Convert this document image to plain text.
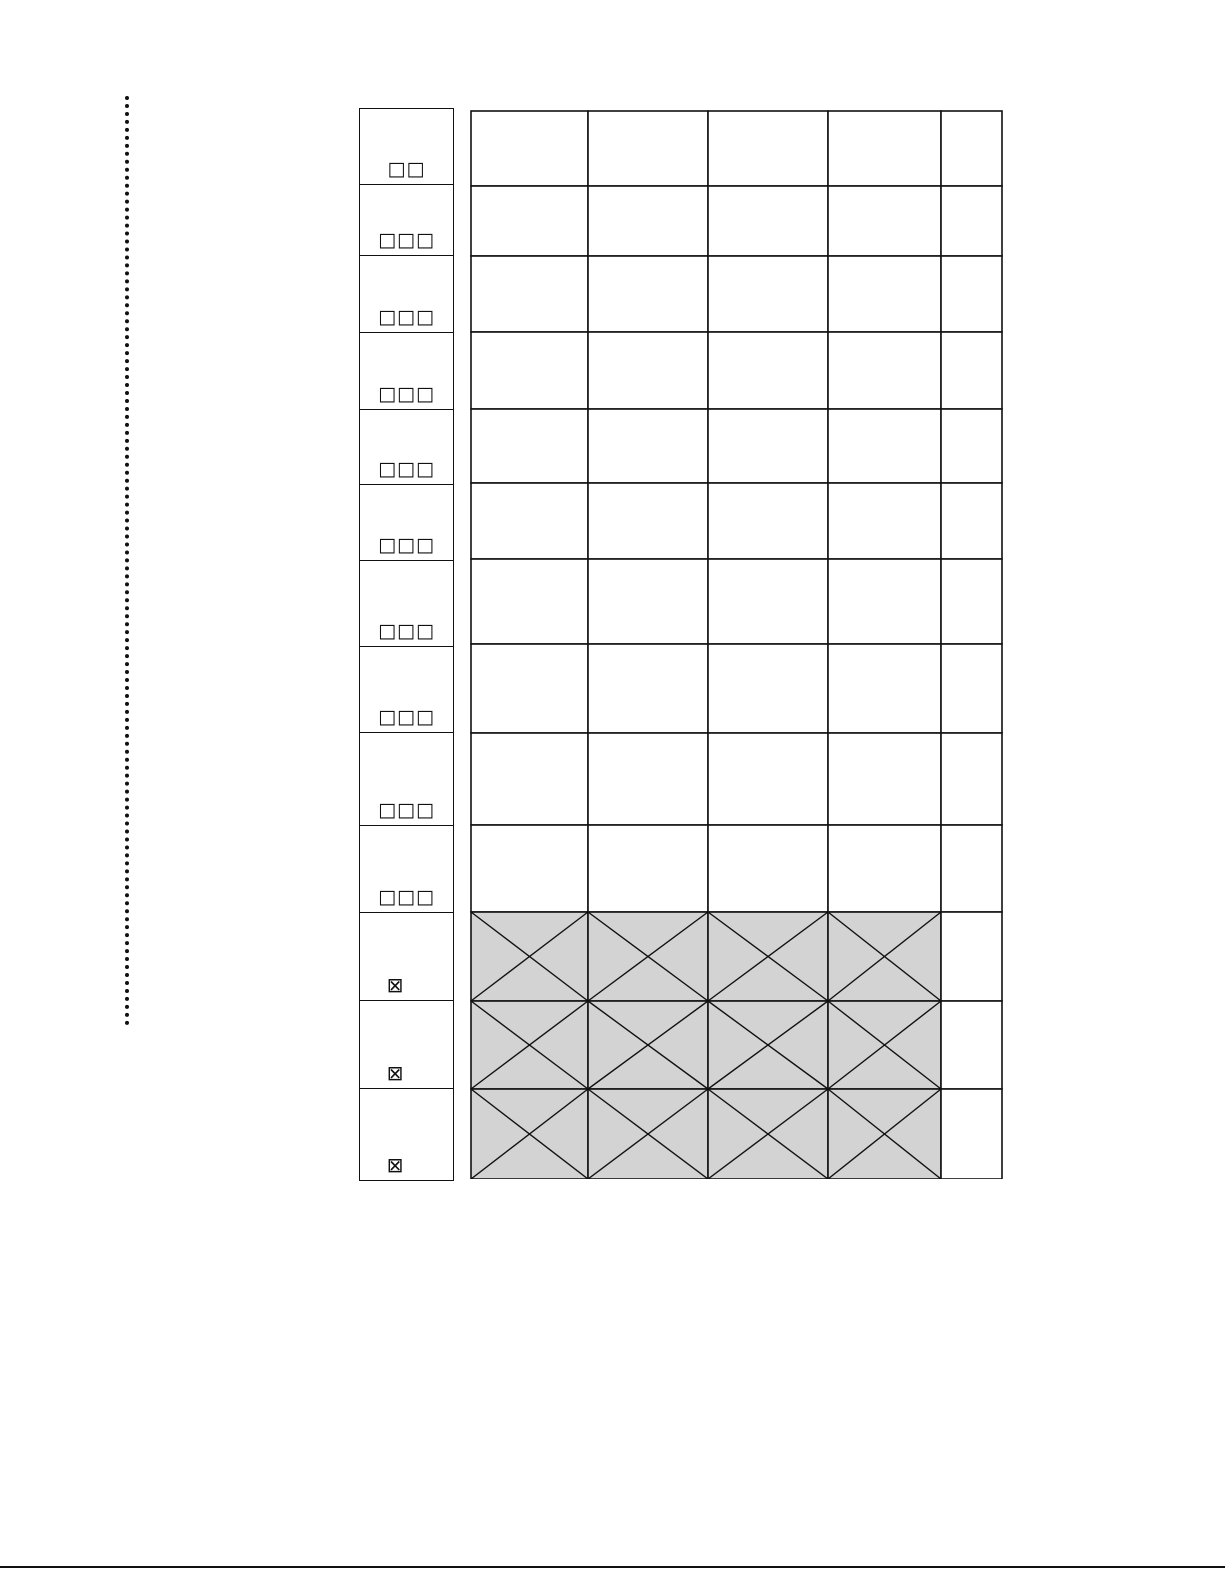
□□
□□□
□□□
□□□
□□□
□□□
□□□
□□□
□□□
□□□
⊠
⊠
⊠
